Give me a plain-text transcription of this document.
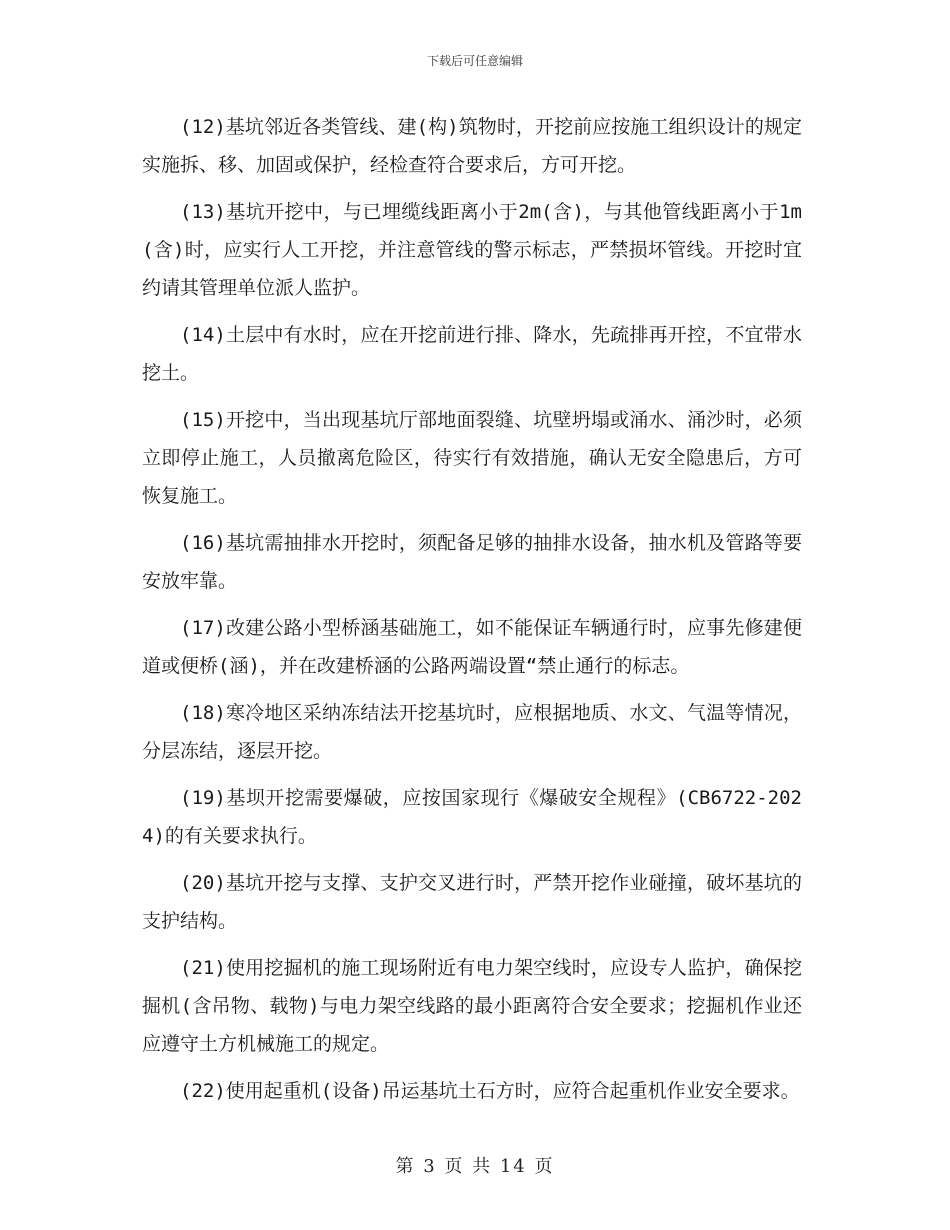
下载后可任意编辑

(12)基坑邻近各类管线、建(构)筑物时，开挖前应按施工组织设计的规定实施拆、移、加固或保护，经检查符合要求后，方可开挖。

(13)基坑开挖中，与已埋缆线距离小于2m(含)，与其他管线距离小于1m(含)时，应实行人工开挖，并注意管线的警示标志，严禁损坏管线。开挖时宜约请其管理单位派人监护。

(14)土层中有水时，应在开挖前进行排、降水，先疏排再开控，不宜带水挖土。

(15)开挖中，当出现基坑厅部地面裂缝、坑壁坍塌或涌水、涌沙时，必须立即停止施工，人员撤离危险区，待实行有效措施，确认无安全隐患后，方可恢复施工。

(16)基坑需抽排水开挖时，须配备足够的抽排水设备，抽水机及管路等要安放牢靠。

(17)改建公路小型桥涵基础施工，如不能保证车辆通行时，应事先修建便道或便桥(涵)，并在改建桥涵的公路两端设置“禁止通行的标志。

(18)寒冷地区采纳冻结法开挖基坑时，应根据地质、水文、气温等情况，分层冻结，逐层开挖。

(19)基坝开挖需要爆破，应按国家现行《爆破安全规程》(CB6722-2024)的有关要求执行。

(20)基坑开挖与支撑、支护交叉进行时，严禁开挖作业碰撞，破坏基坑的支护结构。

(21)使用挖掘机的施工现场附近有电力架空线时，应设专人监护，确保挖掘机(含吊物、载物)与电力架空线路的最小距离符合安全要求；挖掘机作业还应遵守土方机械施工的规定。

(22)使用起重机(设备)吊运基坑土石方时，应符合起重机作业安全要求。

第 3 页 共 14 页
